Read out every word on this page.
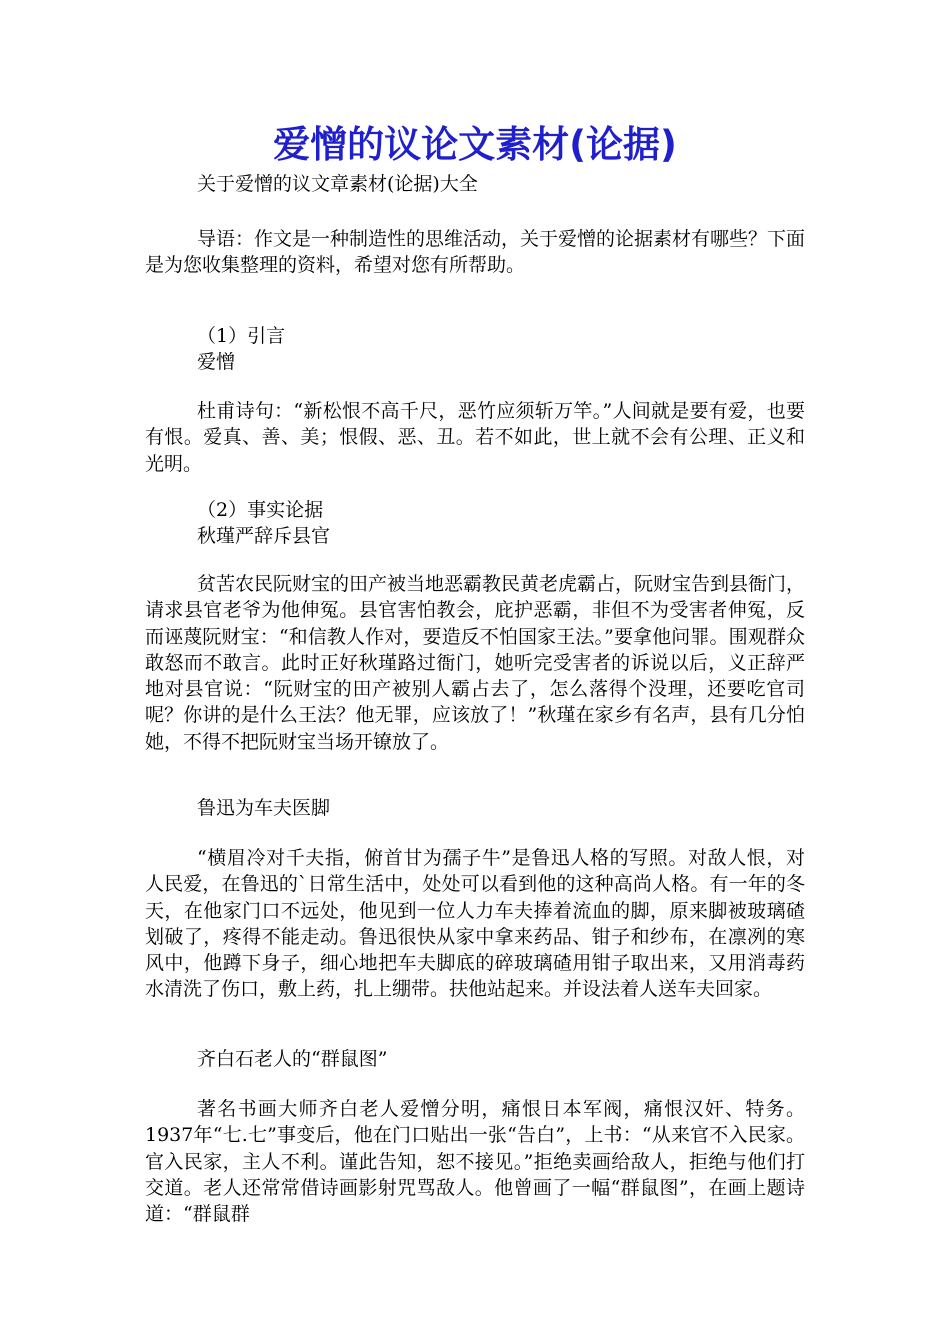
爱憎的议论文素材(论据)

关于爱憎的议文章素材(论据)大全

导语：作文是一种制造性的思维活动，关于爱憎的论据素材有哪些？下面是为您收集整理的资料，希望对您有所帮助。

（1）引言

爱憎

杜甫诗句：“新松恨不高千尺，恶竹应须斩万竿。”人间就是要有爱，也要有恨。爱真、善、美；恨假、恶、丑。若不如此，世上就不会有公理、正义和光明。

（2）事实论据

秋瑾严辞斥县官

贫苦农民阮财宝的田产被当地恶霸教民黄老虎霸占，阮财宝告到县衙门，请求县官老爷为他伸冤。县官害怕教会，庇护恶霸，非但不为受害者伸冤，反而诬蔑阮财宝：“和信教人作对，要造反不怕国家王法。”要拿他问罪。围观群众敢怒而不敢言。此时正好秋瑾路过衙门，她听完受害者的诉说以后，义正辞严地对县官说：“阮财宝的田产被别人霸占去了，怎么落得个没理，还要吃官司呢？你讲的是什么王法？他无罪，应该放了！”秋瑾在家乡有名声，县有几分怕她，不得不把阮财宝当场开镣放了。

鲁迅为车夫医脚

“横眉冷对千夫指，俯首甘为孺子牛”是鲁迅人格的写照。对敌人恨，对人民爱，在鲁迅的`日常生活中，处处可以看到他的这种高尚人格。有一年的冬天，在他家门口不远处，他见到一位人力车夫捧着流血的脚，原来脚被玻璃碴划破了，疼得不能走动。鲁迅很快从家中拿来药品、钳子和纱布，在凛冽的寒风中，他蹲下身子，细心地把车夫脚底的碎玻璃碴用钳子取出来，又用消毒药水清洗了伤口，敷上药，扎上绷带。扶他站起来。并设法着人送车夫回家。

齐白石老人的“群鼠图”

著名书画大师齐白老人爱憎分明，痛恨日本军阀，痛恨汉奸、特务。1937年“七.七”事变后，他在门口贴出一张“告白”，上书：“从来官不入民家。官入民家，主人不利。谨此告知，恕不接见。”拒绝卖画给敌人，拒绝与他们打交道。老人还常常借诗画影射咒骂敌人。他曾画了一幅“群鼠图”，在画上题诗道：“群鼠群
